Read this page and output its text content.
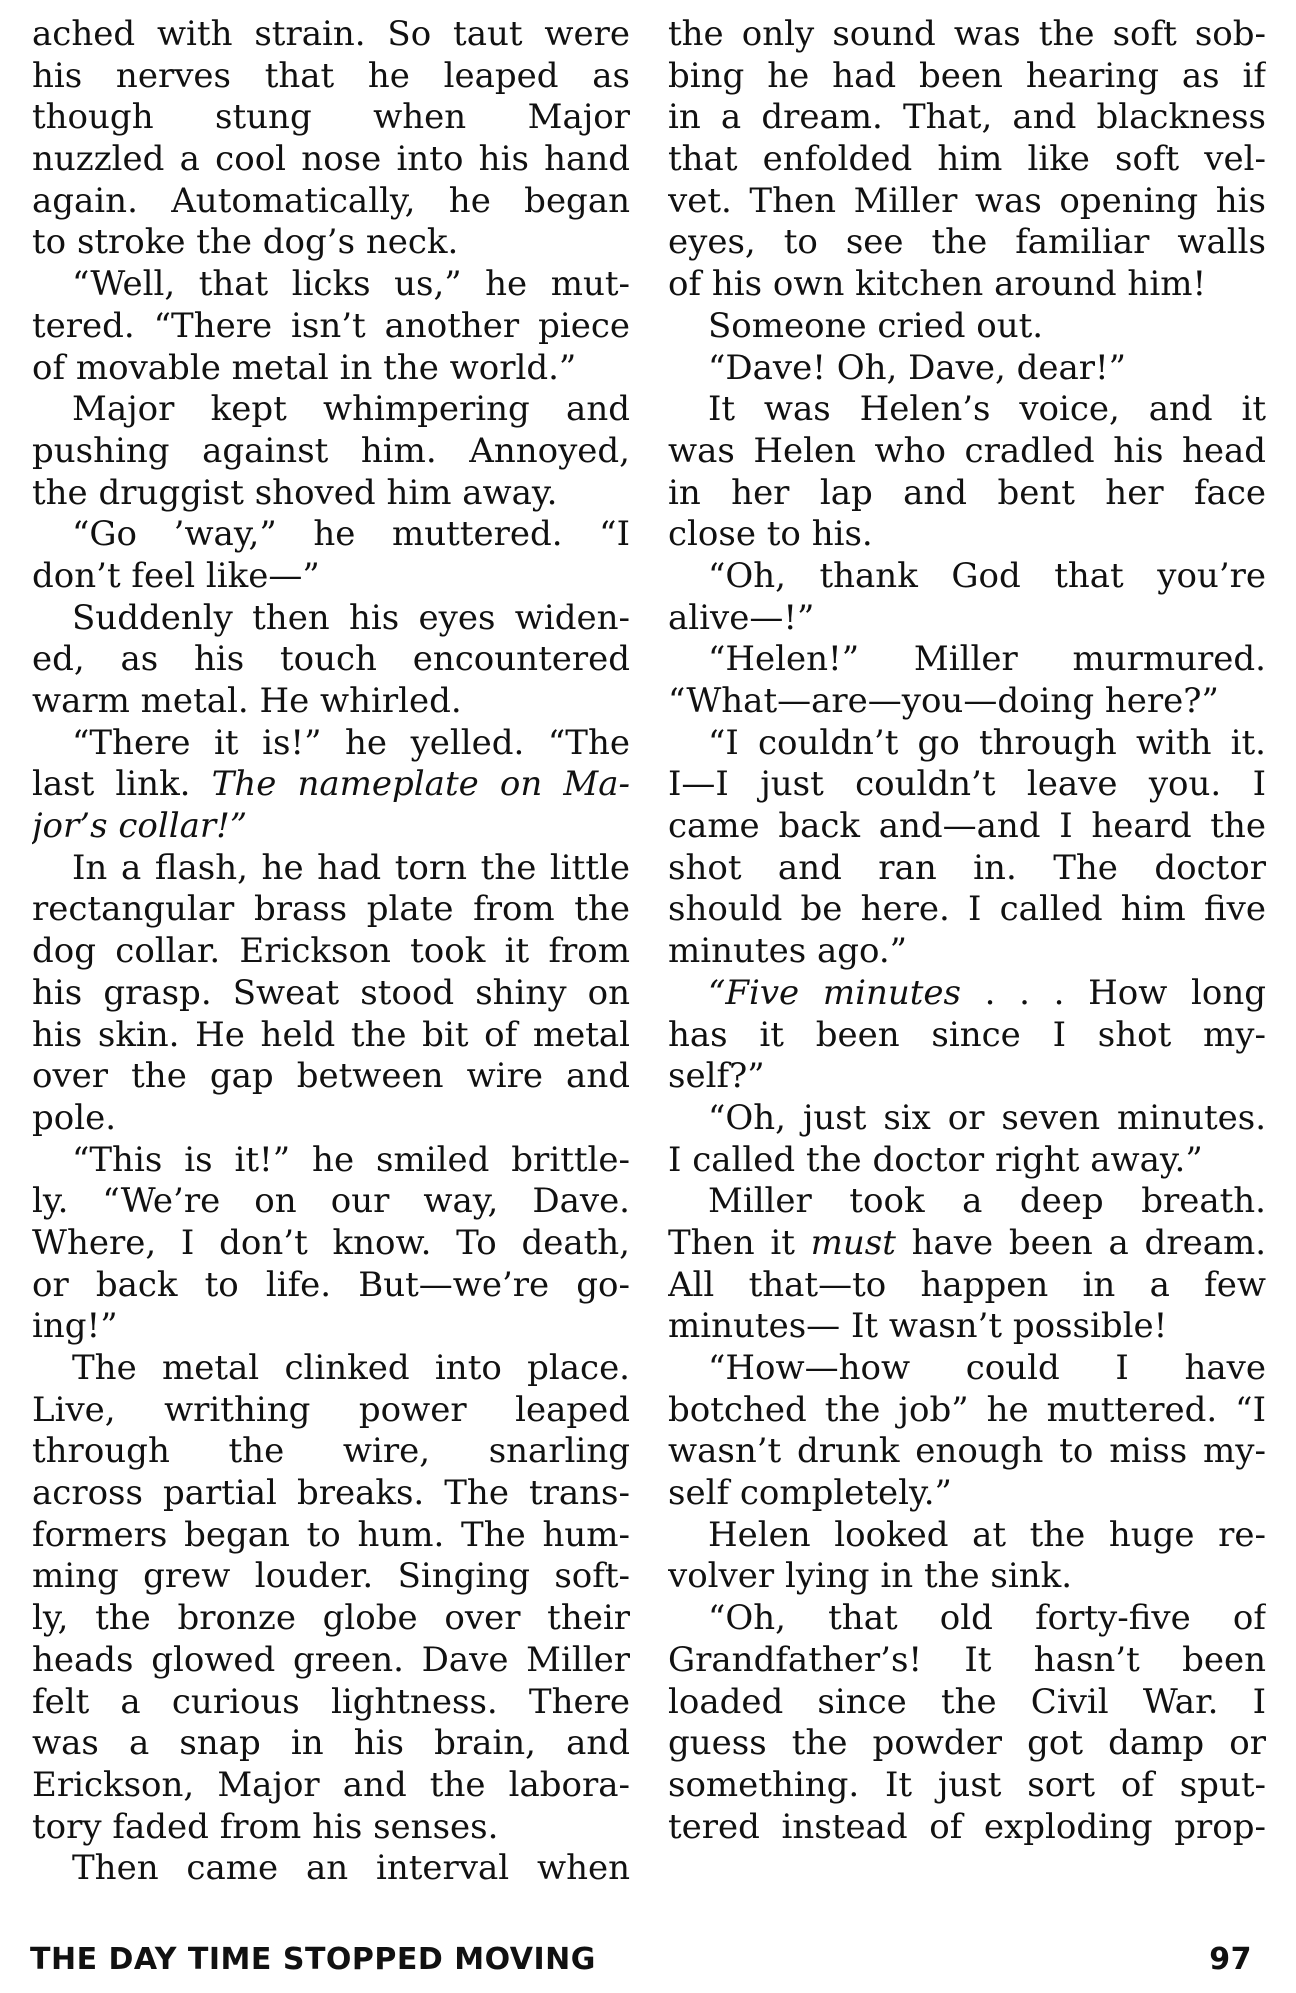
ached with strain. So taut were
his nerves that he leaped as
though stung when Major
nuzzled a cool nose into his hand
again. Automatically, he began
to stroke the dog’s neck.
“Well, that licks us,” he mut-
tered. “There isn’t another piece
of movable metal in the world.”
Major kept whimpering and
pushing against him. Annoyed,
the druggist shoved him away.
“Go ’way,” he muttered. “I
don’t feel like—”
Suddenly then his eyes widen-
ed, as his touch encountered
warm metal. He whirled.
“There it is!” he yelled. “The
last link. The nameplate on Ma-
jor’s collar!”
In a flash, he had torn the little
rectangular brass plate from the
dog collar. Erickson took it from
his grasp. Sweat stood shiny on
his skin. He held the bit of metal
over the gap between wire and
pole.
“This is it!” he smiled brittle-
ly. “We’re on our way, Dave.
Where, I don’t know. To death,
or back to life. But—we’re go-
ing!”
The metal clinked into place.
Live, writhing power leaped
through the wire, snarling
across partial breaks. The trans-
formers began to hum. The hum-
ming grew louder. Singing soft-
ly, the bronze globe over their
heads glowed green. Dave Miller
felt a curious lightness. There
was a snap in his brain, and
Erickson, Major and the labora-
tory faded from his senses.
Then came an interval when
the only sound was the soft sob-
bing he had been hearing as if
in a dream. That, and blackness
that enfolded him like soft vel-
vet. Then Miller was opening his
eyes, to see the familiar walls
of his own kitchen around him!
Someone cried out.
“Dave! Oh, Dave, dear!”
It was Helen’s voice, and it
was Helen who cradled his head
in her lap and bent her face
close to his.
“Oh, thank God that you’re
alive—!”
“Helen!” Miller murmured.
“What—are—you—doing here?”
“I couldn’t go through with it.
I—I just couldn’t leave you. I
came back and—and I heard the
shot and ran in. The doctor
should be here. I called him five
minutes ago.”
“Five minutes . . . How long
has it been since I shot my-
self?”
“Oh, just six or seven minutes.
I called the doctor right away.”
Miller took a deep breath.
Then it must have been a dream.
All that—to happen in a few
minutes— It wasn’t possible!
“How—how could I have
botched the job” he muttered. “I
wasn’t drunk enough to miss my-
self completely.”
Helen looked at the huge re-
volver lying in the sink.
“Oh, that old forty-five of
Grandfather’s! It hasn’t been
loaded since the Civil War. I
guess the powder got damp or
something. It just sort of sput-
tered instead of exploding prop-
THE DAY TIME STOPPED MOVING	97
